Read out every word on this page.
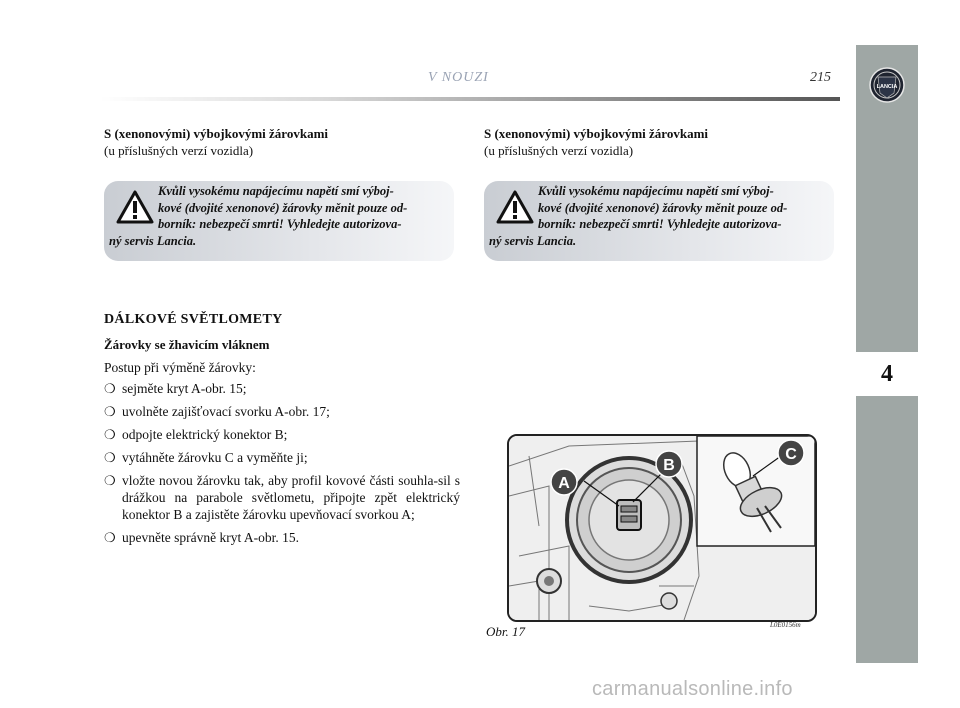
V NOUZI	215
LANCIA
4
S (xenonovými) výbojkovými žárovkami
(u příslušných verzí vozidla)
Kvůli vysokému napájecímu napětí smí výboj-
kové (dvojité xenonové) žárovky měnit pouze od-
borník: nebezpečí smrti! Vyhledejte autorizova-
ný servis Lancia.
S (xenonovými) výbojkovými žárovkami
(u příslušných verzí vozidla)
Kvůli vysokému napájecímu napětí smí výboj-
kové (dvojité xenonové) žárovky měnit pouze od-
borník: nebezpečí smrti! Vyhledejte autorizova-
ný servis Lancia.
DÁLKOVÉ SVĚTLOMETY
Žárovky se žhavicím vláknem
Postup při výměně žárovky:
❍ sejměte kryt A-obr. 15;
❍ uvolněte zajišťovací svorku A-obr. 17;
❍ odpojte elektrický konektor B;
❍ vytáhněte žárovku C a vyměňte ji;
❍ vložte novou žárovku tak, aby profil kovové části souhla-sil s drážkou na parabole světlometu, připojte zpět elektrický konektor B a zajistěte žárovku upevňovací svorkou A;
❍ upevněte správně kryt A-obr. 15.
A
B
C
Obr. 17	L0E0156m
carmanualsonline.info
